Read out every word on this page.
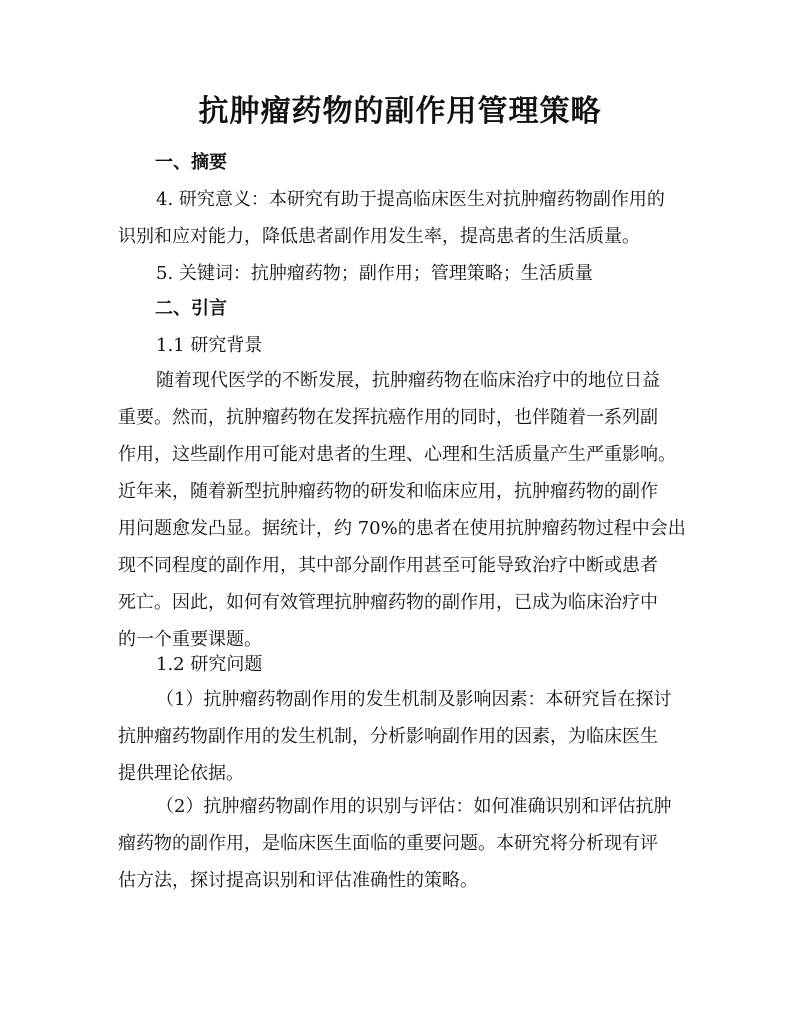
抗肿瘤药物的副作用管理策略
一、摘要
4. 研究意义：本研究有助于提高临床医生对抗肿瘤药物副作用的
识别和应对能力，降低患者副作用发生率，提高患者的生活质量。
5. 关键词：抗肿瘤药物；副作用；管理策略；生活质量
二、引言
1.1 研究背景
随着现代医学的不断发展，抗肿瘤药物在临床治疗中的地位日益
重要。然而，抗肿瘤药物在发挥抗癌作用的同时，也伴随着一系列副
作用，这些副作用可能对患者的生理、心理和生活质量产生严重影响。
近年来，随着新型抗肿瘤药物的研发和临床应用，抗肿瘤药物的副作
用问题愈发凸显。据统计，约 70%的患者在使用抗肿瘤药物过程中会出
现不同程度的副作用，其中部分副作用甚至可能导致治疗中断或患者
死亡。因此，如何有效管理抗肿瘤药物的副作用，已成为临床治疗中
的一个重要课题。
1.2 研究问题
（1）抗肿瘤药物副作用的发生机制及影响因素：本研究旨在探讨
抗肿瘤药物副作用的发生机制，分析影响副作用的因素，为临床医生
提供理论依据。
（2）抗肿瘤药物副作用的识别与评估：如何准确识别和评估抗肿
瘤药物的副作用，是临床医生面临的重要问题。本研究将分析现有评
估方法，探讨提高识别和评估准确性的策略。
